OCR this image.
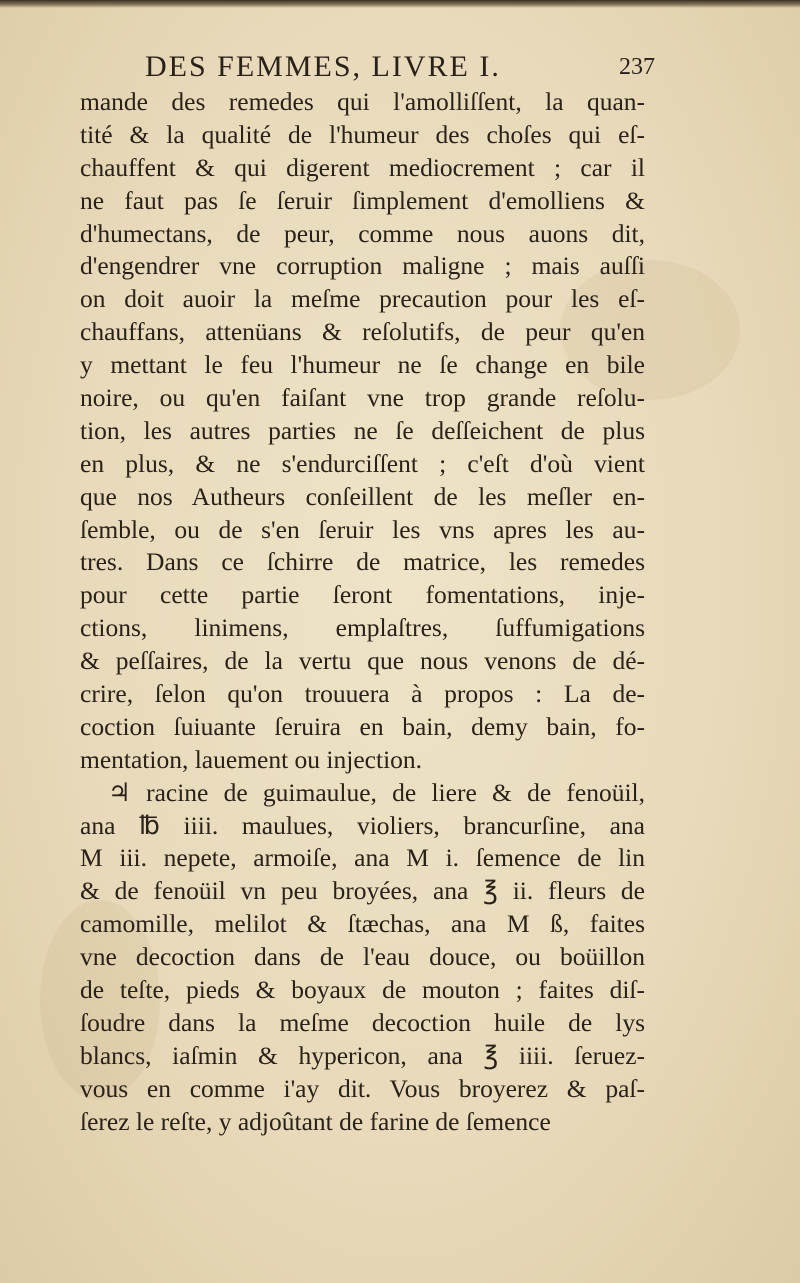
DES FEMMES, LIVRE I.	237
mande des remedes qui l'amolliſſent, la quan-
tité & la qualité de l'humeur des choſes qui eſ-
chauffent & qui digerent mediocrement ; car il
ne faut pas ſe ſeruir ſimplement d'emolliens &
d'humectans, de peur, comme nous auons dit,
d'engendrer vne corruption maligne ; mais auſſi
on doit auoir la meſme precaution pour les eſ-
chauffans, attenüans & reſolutifs, de peur qu'en
y mettant le feu l'humeur ne ſe change en bile
noire, ou qu'en faiſant vne trop grande reſolu-
tion, les autres parties ne ſe deſſeichent de plus
en plus, & ne s'endurciſſent ; c'eſt d'où vient
que nos Autheurs conſeillent de les meſler en-
ſemble, ou de s'en ſeruir les vns apres les au-
tres. Dans ce ſchirre de matrice, les remedes
pour cette partie ſeront fomentations, inje-
ctions, linimens, emplaſtres, ſuffumigations
& peſſaires, de la vertu que nous venons de dé-
crire, ſelon qu'on trouuera à propos : La de-
coction ſuiuante ſeruira en bain, demy bain, fo-
mentation, lauement ou injection.
♃ racine de guimaulue, de liere & de fenoüil,
ana ℔ iiii. maulues, violiers, brancurſine, ana
M iii. nepete, armoiſe, ana M i. ſemence de lin
& de fenoüil vn peu broyées, ana ℥ ii. fleurs de
camomille, melilot & ſtæchas, ana M ß, faites
vne decoction dans de l'eau douce, ou boüillon
de teſte, pieds & boyaux de mouton ; faites diſ-
ſoudre dans la meſme decoction huile de lys
blancs, iaſmin & hypericon, ana ℥ iiii. ſeruez-
vous en comme i'ay dit. Vous broyerez & paſ-
ſerez le reſte, y adjoûtant de farine de ſemence
